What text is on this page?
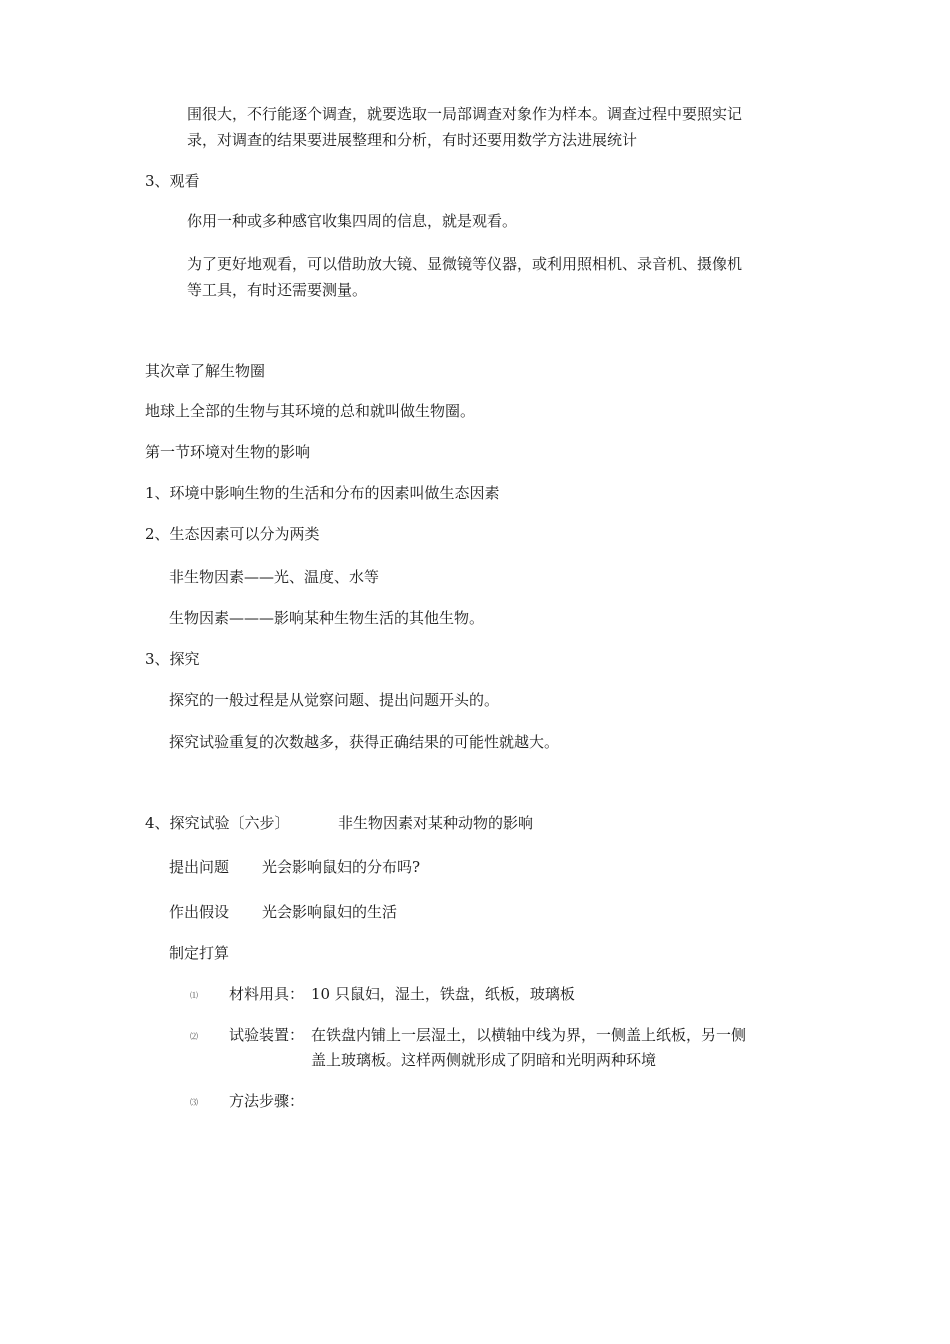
围很大，不行能逐个调查，就要选取一局部调查对象作为样本。调查过程中要照实记
录，对调查的结果要进展整理和分析，有时还要用数学方法进展统计
3、观看
你用一种或多种感官收集四周的信息，就是观看。
为了更好地观看，可以借助放大镜、显微镜等仪器，或利用照相机、录音机、摄像机
等工具，有时还需要测量。
其次章了解生物圈
地球上全部的生物与其环境的总和就叫做生物圈。
第一节环境对生物的影响
1、环境中影响生物的生活和分布的因素叫做生态因素
2、生态因素可以分为两类
非生物因素——光、温度、水等
生物因素———影响某种生物生活的其他生物。
3、探究
探究的一般过程是从觉察问题、提出问题开头的。
探究试验重复的次数越多，获得正确结果的可能性就越大。
4、探究试验〔六步〕	非生物因素对某种动物的影响
提出问题 光会影响鼠妇的分布吗?
作出假设 光会影响鼠妇的生活
制定打算
⑴ 材料用具： 10 只鼠妇，湿土，铁盘，纸板，玻璃板
⑵ 试验装置： 在铁盘内铺上一层湿土，以横轴中线为界，一侧盖上纸板，另一侧
盖上玻璃板。这样两侧就形成了阴暗和光明两种环境
⑶ 方法步骤：
